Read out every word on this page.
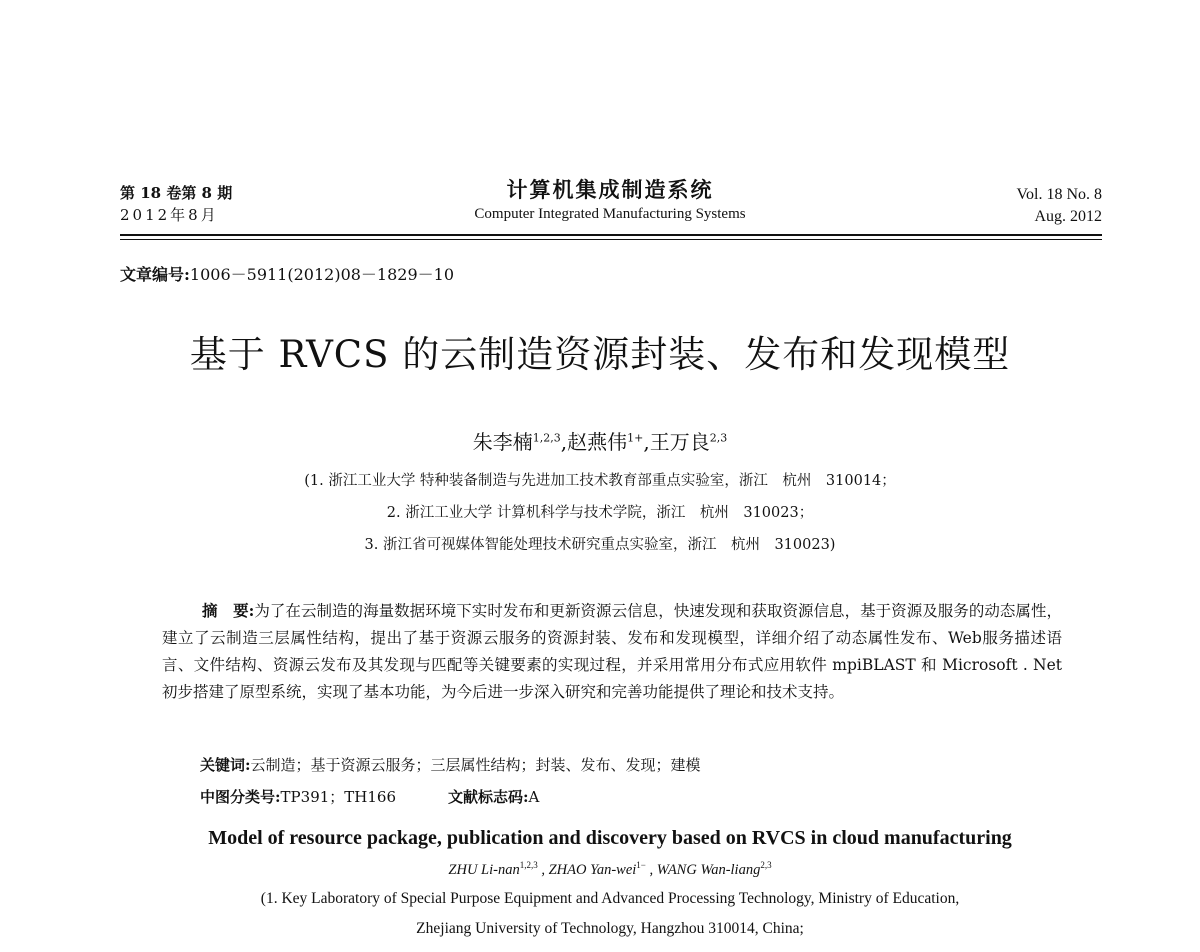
第 18 卷第 8 期
2012年8月
计算机集成制造系统
Computer Integrated Manufacturing Systems
Vol. 18 No. 8
Aug. 2012
文章编号:1006－5911(2012)08－1829－10
基于 RVCS 的云制造资源封装、发布和发现模型
朱李楠$^{1,2,3}$,赵燕伟$^{1+}$,王万良$^{2,3}$
(1. 浙江工业大学 特种装备制造与先进加工技术教育部重点实验室，浙江　杭州　310014；
2. 浙江工业大学 计算机科学与技术学院，浙江　杭州　310023；
3. 浙江省可视媒体智能处理技术研究重点实验室，浙江　杭州　310023)
摘　要:为了在云制造的海量数据环境下实时发布和更新资源云信息，快速发现和获取资源信息，基于资源及服务的动态属性，建立了云制造三层属性结构，提出了基于资源云服务的资源封装、发布和发现模型，详细介绍了动态属性发布、Web服务描述语言、文件结构、资源云发布及其发现与匹配等关键要素的实现过程，并采用常用分布式应用软件 mpiBLAST 和 Microsoft . Net 初步搭建了原型系统，实现了基本功能，为今后进一步深入研究和完善功能提供了理论和技术支持。
关键词:云制造；基于资源云服务；三层属性结构；封装、发布、发现；建模
中图分类号:TP391；TH166	文献标志码:A
Model of resource package, publication and discovery based on RVCS in cloud manufacturing
ZHU Li-nan$^{1,2,3}$ , ZHAO Yan-wei$^{1-}$ , WANG Wan-liang$^{2,3}$
(1. Key Laboratory of Special Purpose Equipment and Advanced Processing Technology, Ministry of Education,
Zhejiang University of Technology, Hangzhou 310014, China;
